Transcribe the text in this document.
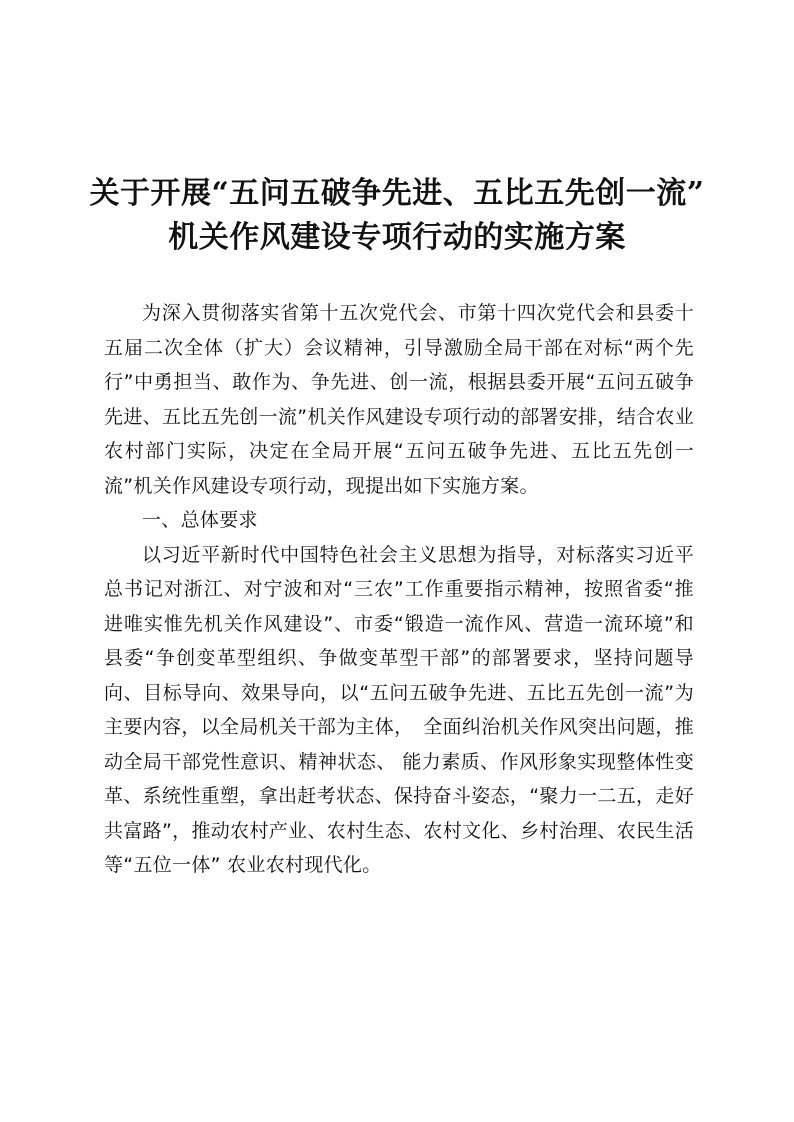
关于开展“五问五破争先进、五比五先创一流”
机关作风建设专项行动的实施方案

为深入贯彻落实省第十五次党代会、市第十四次党代会和县委十五届二次全体（扩大）会议精神，引导激励全局干部在对标“两个先行”中勇担当、敢作为、争先进、创一流，根据县委开展“五问五破争先进、五比五先创一流”机关作风建设专项行动的部署安排，结合农业农村部门实际，决定在全局开展“五问五破争先进、五比五先创一流”机关作风建设专项行动，现提出如下实施方案。

一、总体要求

以习近平新时代中国特色社会主义思想为指导，对标落实习近平总书记对浙江、对宁波和对“三农”工作重要指示精神，按照省委“推进唯实惟先机关作风建设”、市委“锻造一流作风、营造一流环境”和县委“争创变革型组织、争做变革型干部”的部署要求，坚持问题导向、目标导向、效果导向，以“五问五破争先进、五比五先创一流”为主要内容，以全局机关干部为主体，　全面纠治机关作风突出问题，推动全局干部党性意识、精神状态、 能力素质、作风形象实现整体性变革、系统性重塑，拿出赶考状态、保持奋斗姿态，“聚力一二五，走好共富路”，推动农村产业、农村生态、农村文化、乡村治理、农民生活等“五位一体” 农业农村现代化。
